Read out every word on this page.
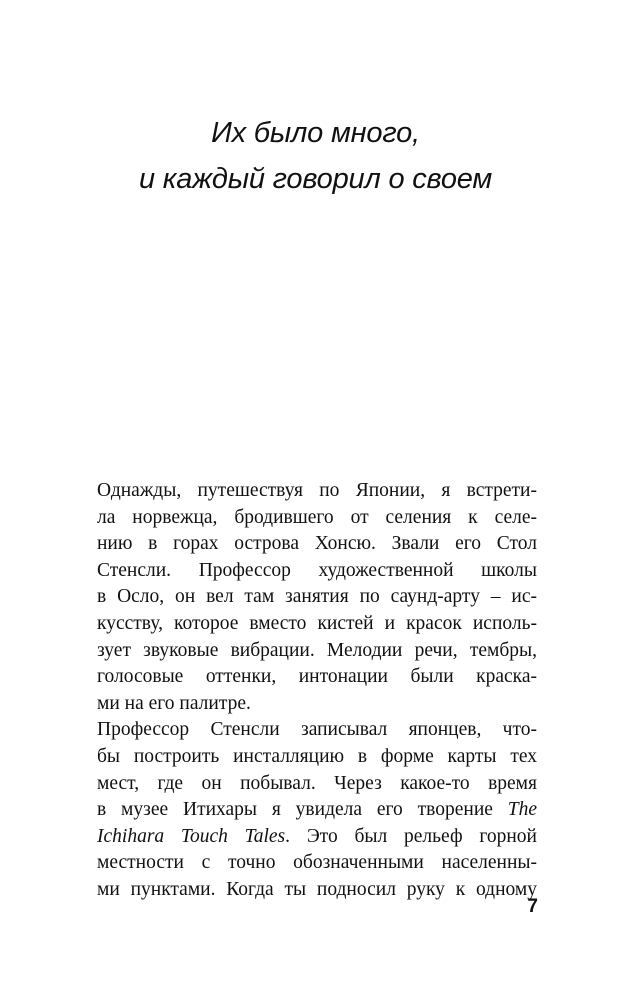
Их было много,
и каждый говорил о своем
Однажды, путешествуя по Японии, я встрети-
ла норвежца, бродившего от селения к селе-
нию в горах острова Хонсю. Звали его Стол
Стенсли. Профессор художественной школы
в Осло, он вел там занятия по саунд-арту – ис-
кусству, которое вместо кистей и красок исполь-
зует звуковые вибрации. Мелодии речи, тембры,
голосовые оттенки, интонации были краска-
ми на его палитре.
Профессор Стенсли записывал японцев, что-
бы построить инсталляцию в форме карты тех
мест, где он побывал. Через какое-то время
в музее Итихары я увидела его творение The
Ichihara Touch Tales. Это был рельеф горной
местности с точно обозначенными населенны-
ми пунктами. Когда ты подносил руку к одному
7
